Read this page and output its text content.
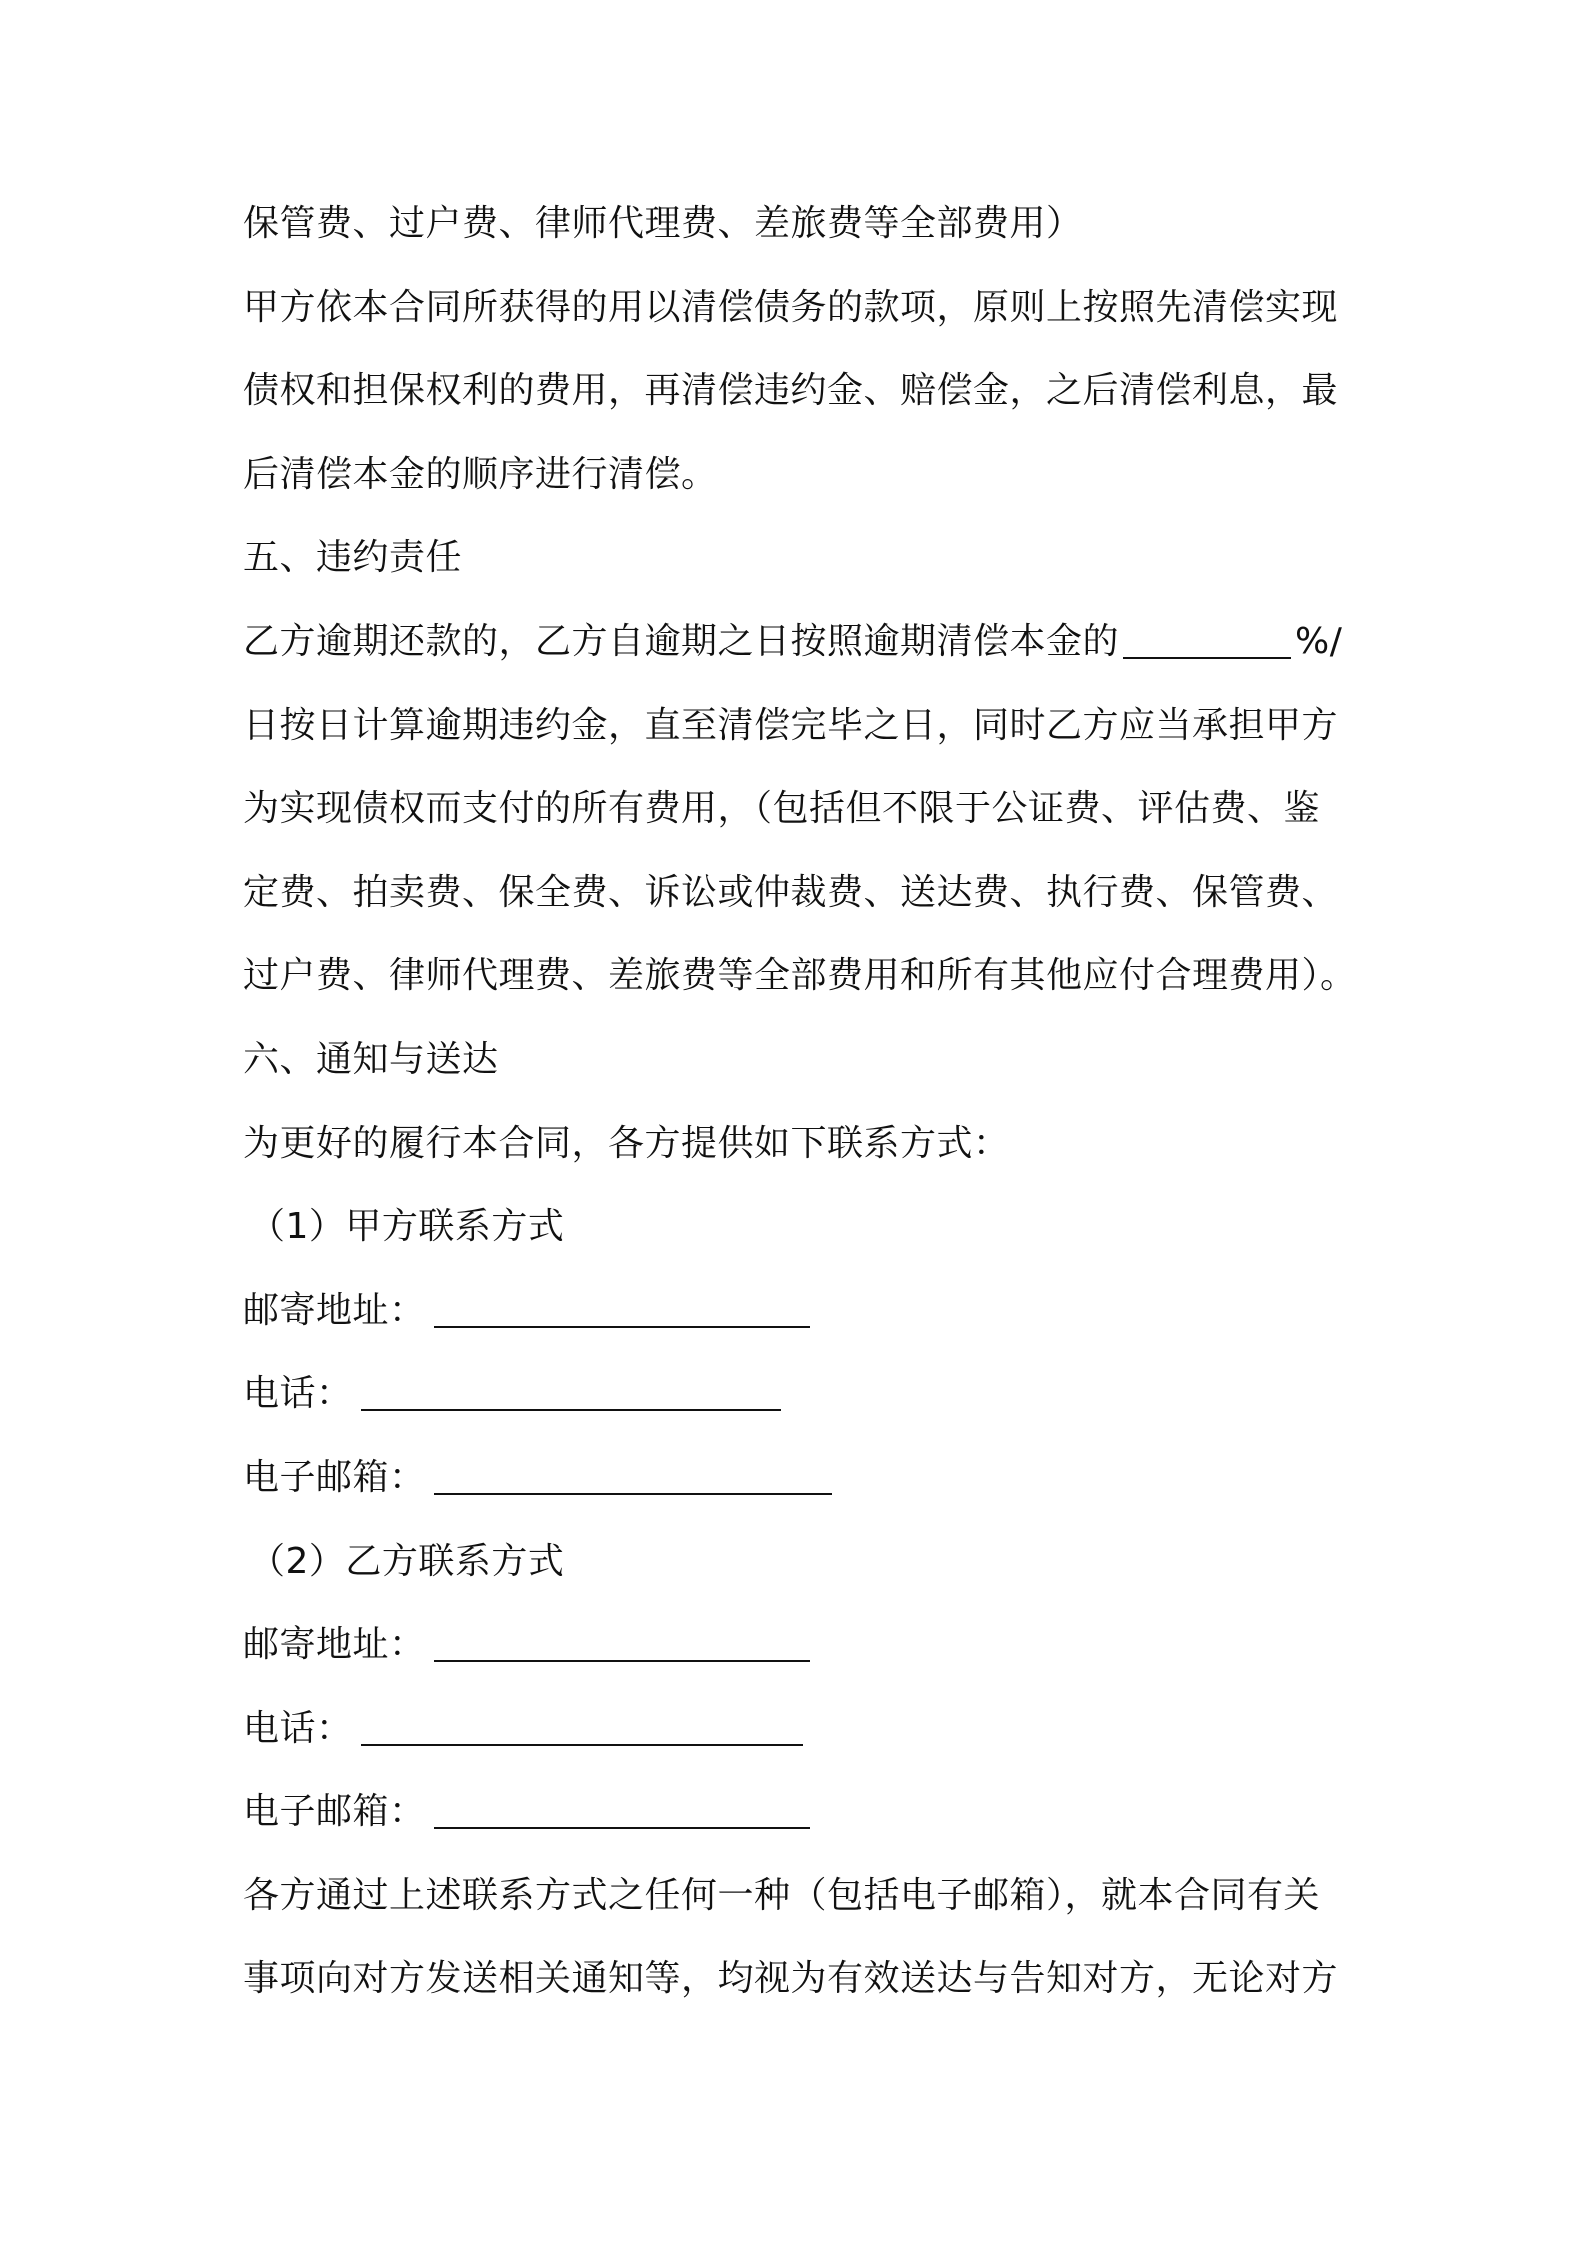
保管费、过户费、律师代理费、差旅费等全部费用）
甲方依本合同所获得的用以清偿债务的款项，原则上按照先清偿实现
债权和担保权利的费用，再清偿违约金、赔偿金，之后清偿利息，最
后清偿本金的顺序进行清偿。
五、违约责任
乙方逾期还款的，乙方自逾期之日按照逾期清偿本金的	%/
日按日计算逾期违约金，直至清偿完毕之日，同时乙方应当承担甲方
为实现债权而支付的所有费用，（包括但不限于公证费、评估费、鉴
定费、拍卖费、保全费、诉讼或仲裁费、送达费、执行费、保管费、
过户费、律师代理费、差旅费等全部费用和所有其他应付合理费用）。
六、通知与送达
为更好的履行本合同，各方提供如下联系方式：
（1）甲方联系方式
邮寄地址：
电话：
电子邮箱：
（2）乙方联系方式
邮寄地址：
电话：
电子邮箱：
各方通过上述联系方式之任何一种（包括电子邮箱），就本合同有关
事项向对方发送相关通知等，均视为有效送达与告知对方，无论对方
